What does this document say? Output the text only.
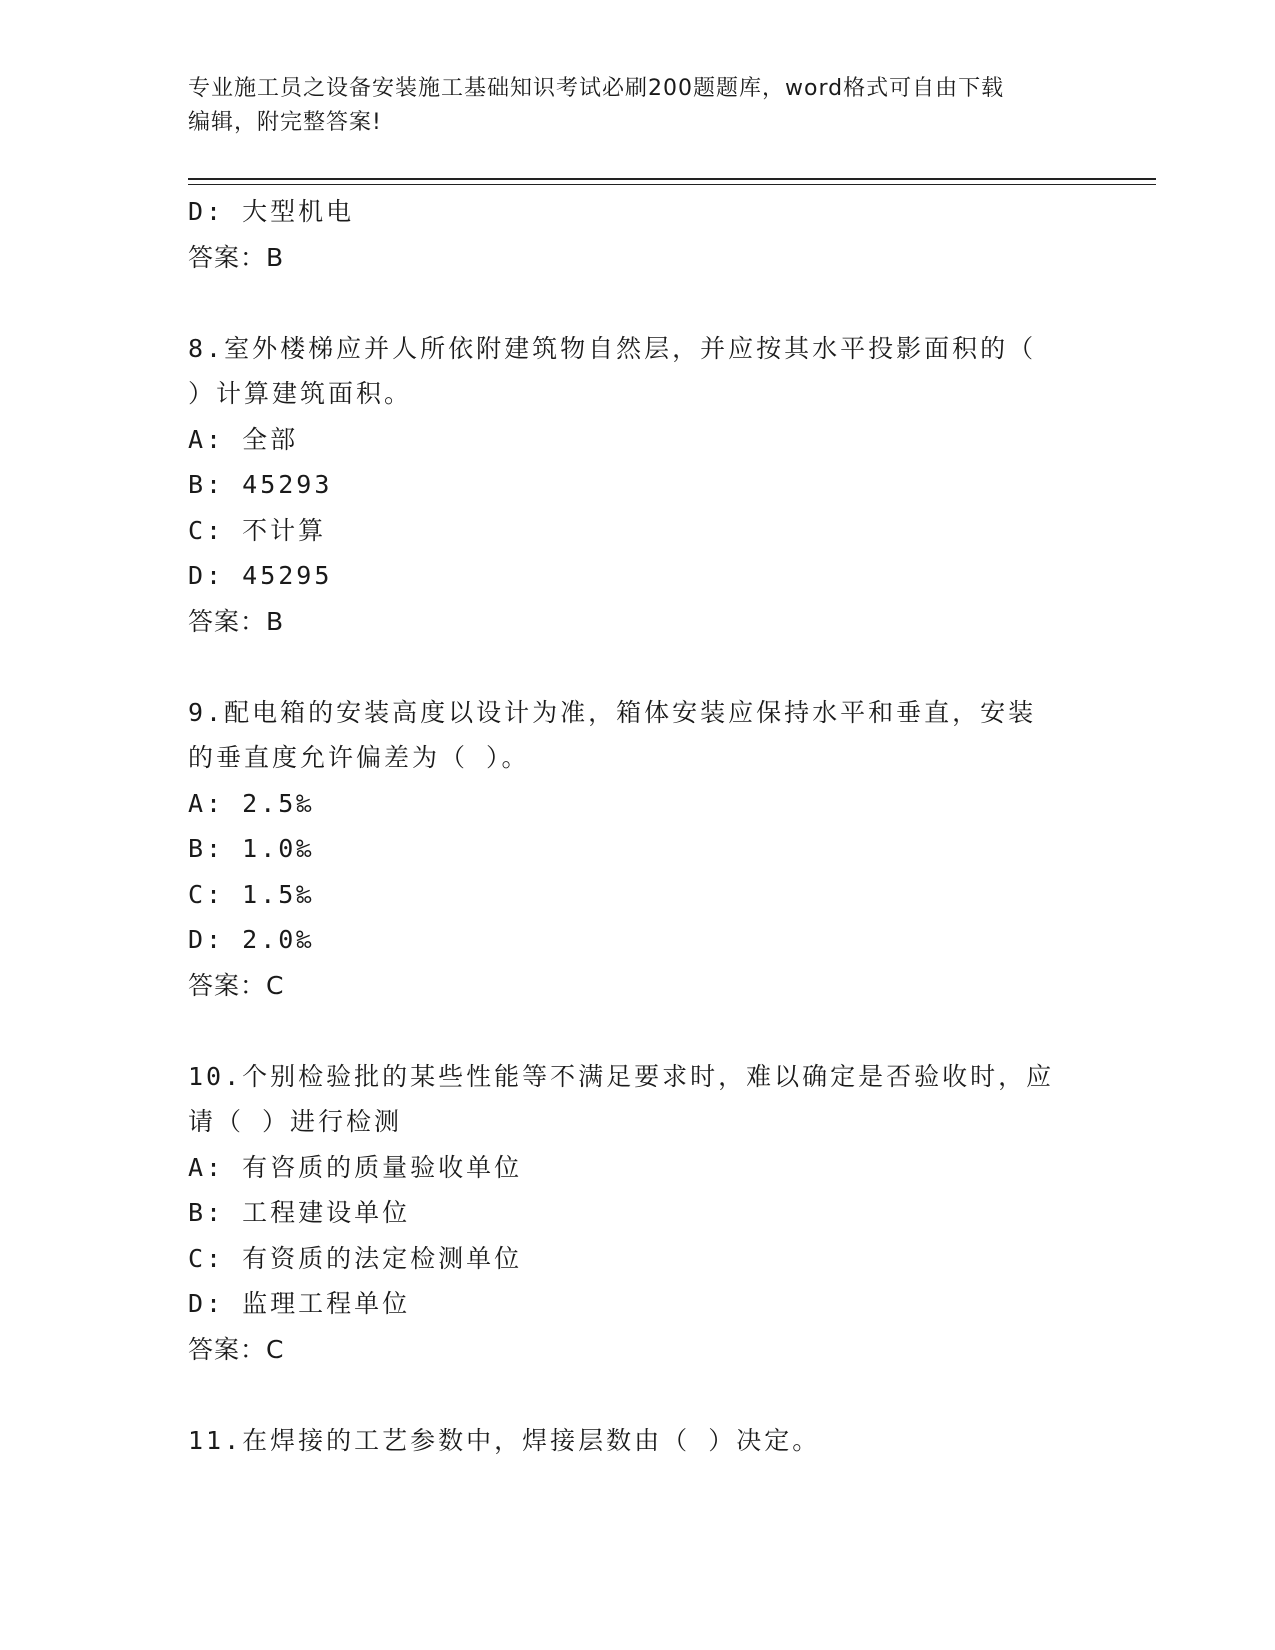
专业施工员之设备安装施工基础知识考试必刷200题题库，word格式可自由下载
编辑，附完整答案!
D: 大型机电
答案：B
8.室外楼梯应并人所依附建筑物自然层，并应按其水平投影面积的（
）计算建筑面积。
A: 全部
B: 45293
C: 不计算
D: 45295
答案：B
9.配电箱的安装高度以设计为准，箱体安装应保持水平和垂直，安装
的垂直度允许偏差为（ ）。
A: 2.5‰
B: 1.0‰
C: 1.5‰
D: 2.0‰
答案：C
10.个别检验批的某些性能等不满足要求时，难以确定是否验收时，应
请（ ）进行检测
A: 有咨质的质量验收单位
B: 工程建设单位
C: 有资质的法定检测单位
D: 监理工程单位
答案：C
11.在焊接的工艺参数中，焊接层数由（ ）决定。
